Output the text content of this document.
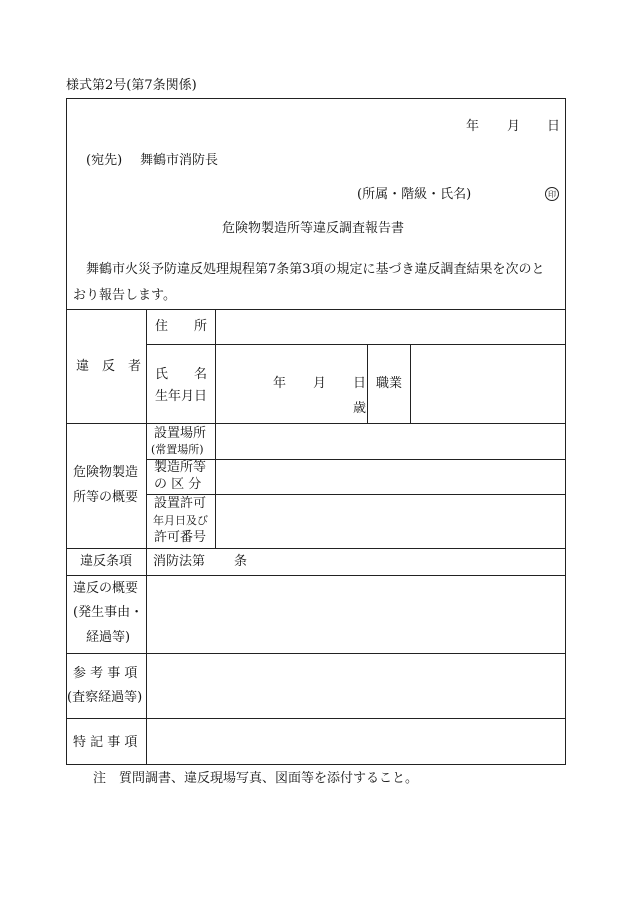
様式第2号(第7条関係)
年 月 日
(宛先) 舞鶴市消防長
(所属・階級・氏名)	印
危険物製造所等違反調査報告書
舞鶴市火災予防違反処理規程第7条第3項の規定に基づき違反調査結果を次のと
おり報告します。
違　反　者
住　　所
氏　　名
生年月日
年 月 日
歳
職業
危険物製造
所等の概要
設置場所
(常置場所)
製造所等
の 区 分
設置許可
年月日及び
許可番号
違反条項 消防法第 条
違反の概要
(発生事由・
経過等)
参 考 事 項
(査察経過等)
特 記 事 項
注　質問調書、違反現場写真、図面等を添付すること。
